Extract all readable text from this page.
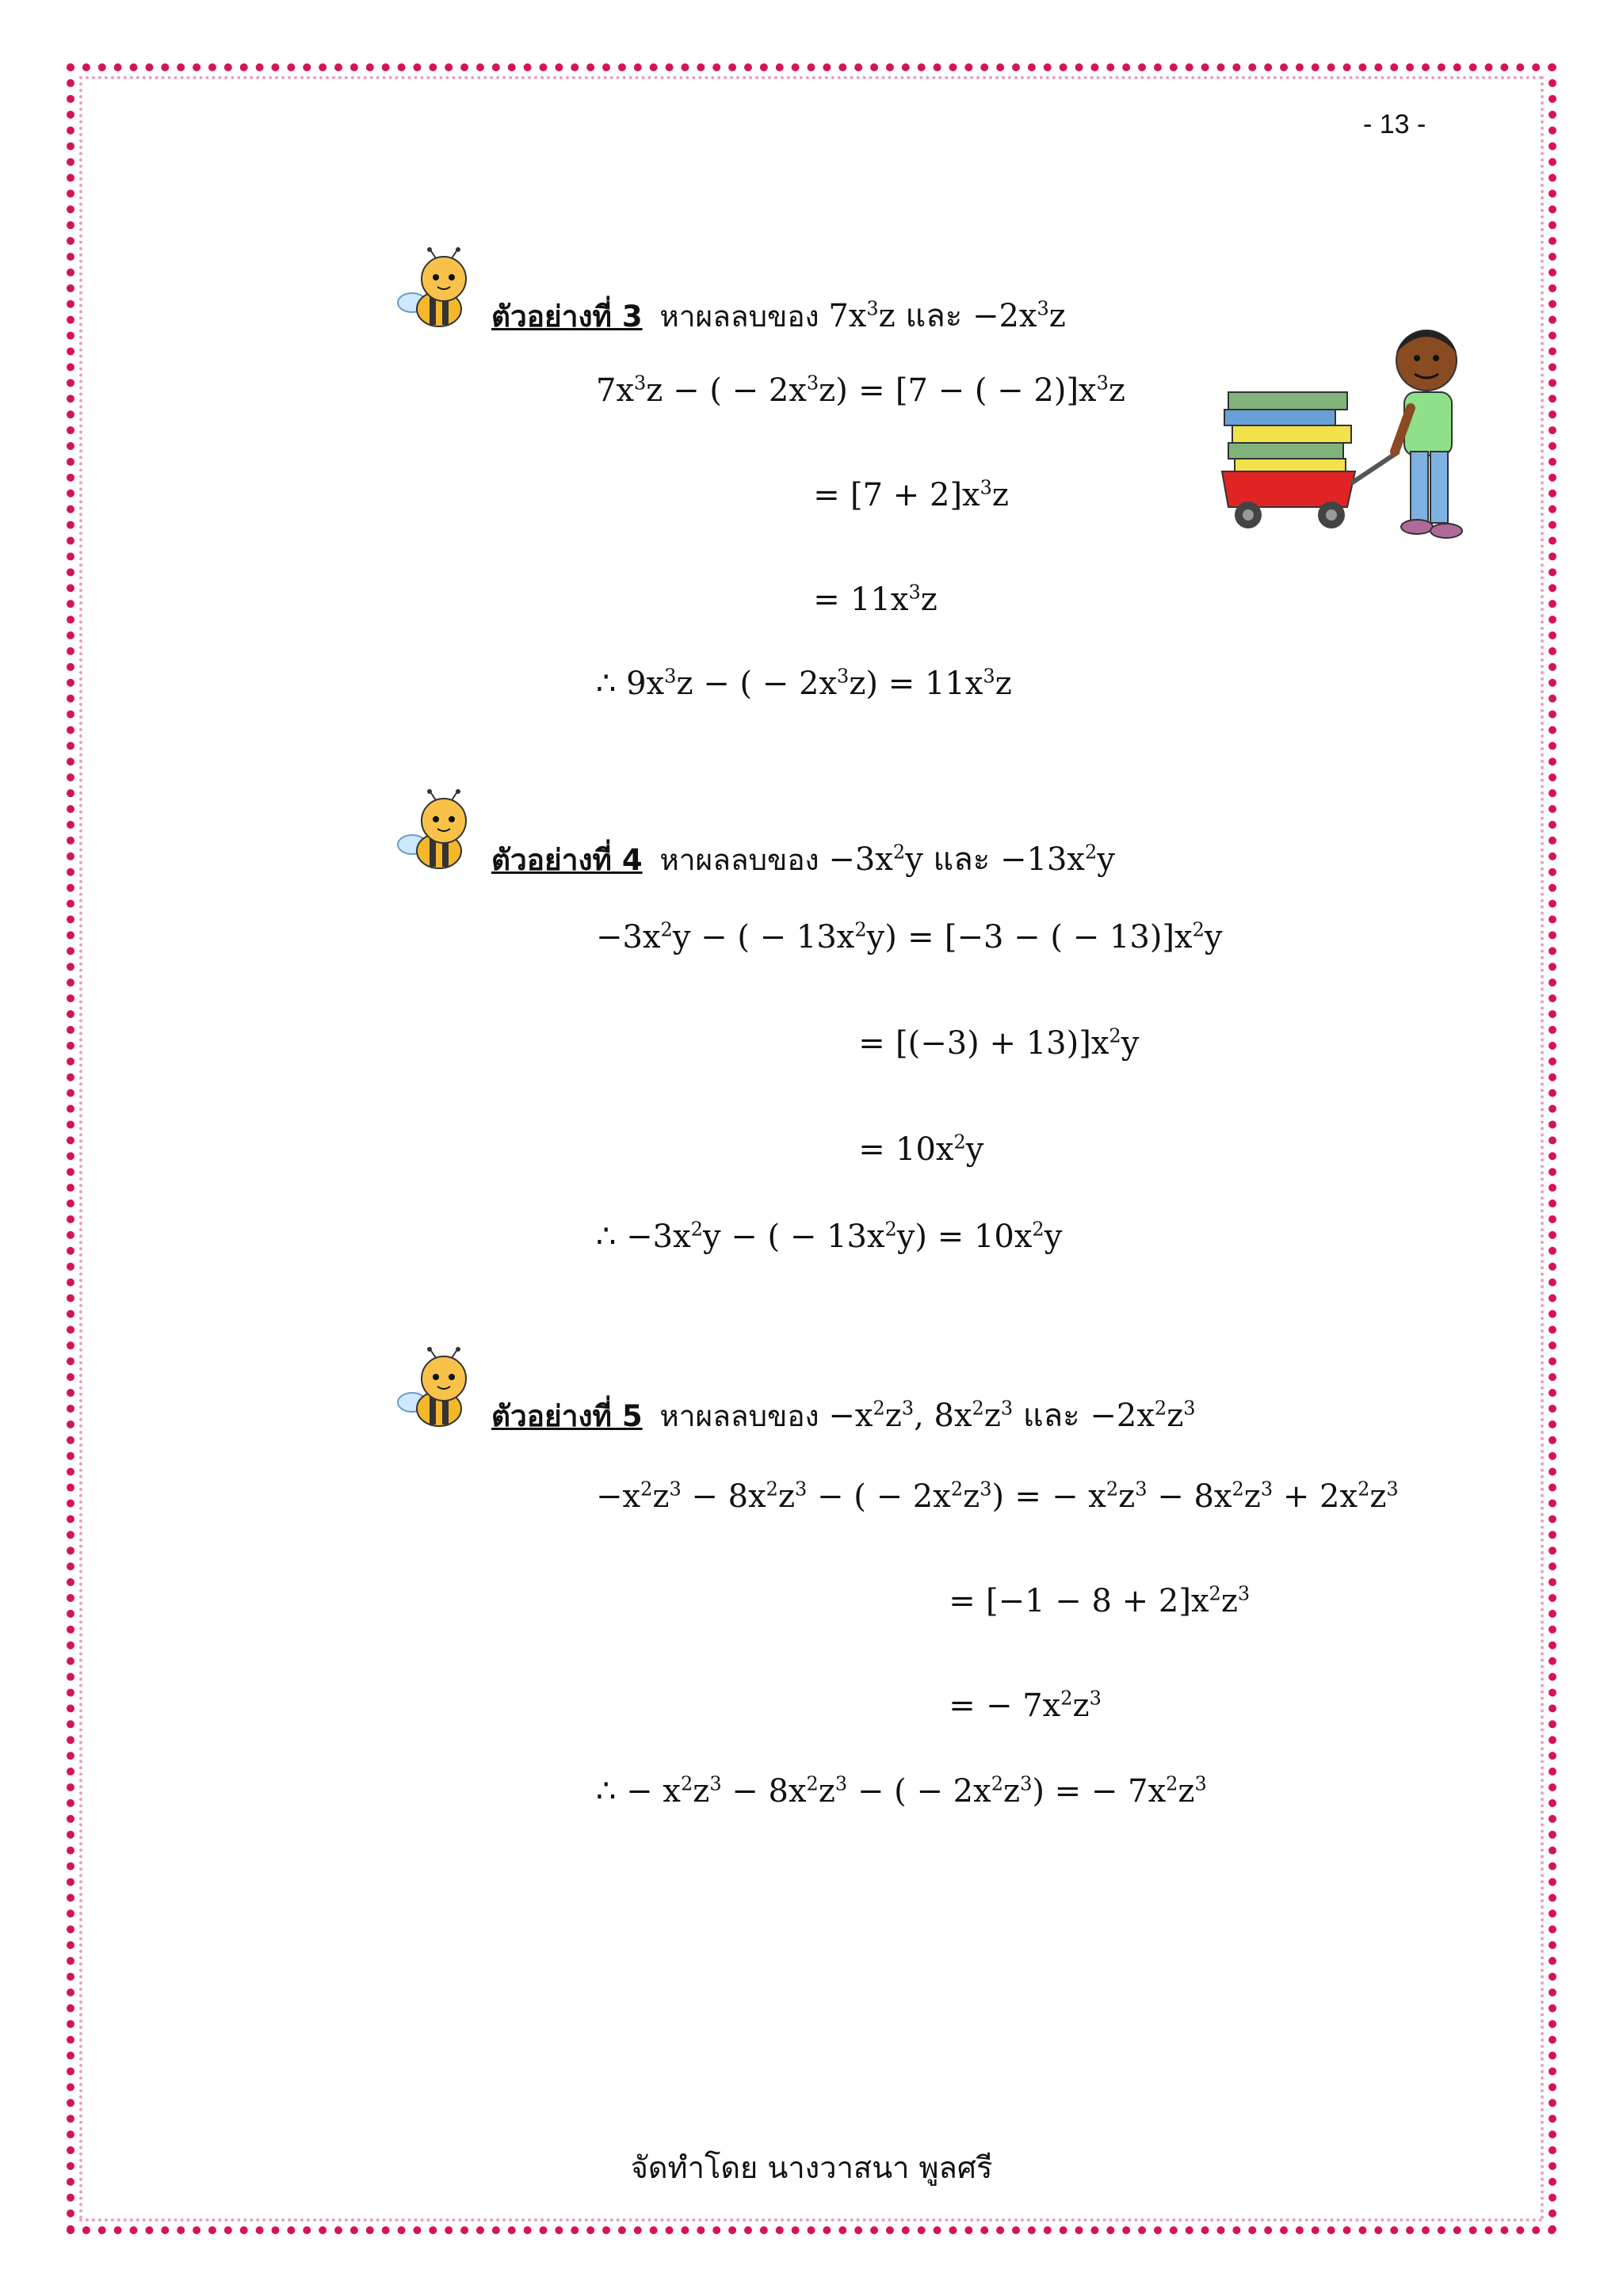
- 13 -
ตัวอย่างที่ 3 หาผลลบของ $7x^3z$ และ $-2x^3z$
$7x^3z$ − ( − $2x^3z) = [7$ − ( − $2)]x^3z$
= $[7 + 2]x^3z$
= $11x^3z$
∴ $9x^3z$ − ( − $2x^3z) = 11x^3z$
ตัวอย่างที่ 4 หาผลลบของ $-3x^2y$ และ $-13x^2y$
$-3x^2y$ − ( − $13x^2y) = [-3$ − ( − $13)]x^2y$
= $[(-3) + 13)]x^2y$
= $10x^2y$
∴ $-3x^2y$ − ( − $13x^2y) = 10x^2y$
ตัวอย่างที่ 5 หาผลลบของ $-x^2z^3$, $8x^2z^3$ และ $-2x^2z^3$
$-x^2z^3 - 8x^2z^3$ − ( − $2x^2z^3$) = − $x^2z^3 - 8x^2z^3 + 2x^2z^3$
= $[-1 - 8 + 2]x^2z^3$
= − $7x^2z^3$
∴ − $x^2z^3 - 8x^2z^3$ − ( − $2x^2z^3$) = − $7x^2z^3$
จัดทำโดย นางวาสนา พูลศรี
